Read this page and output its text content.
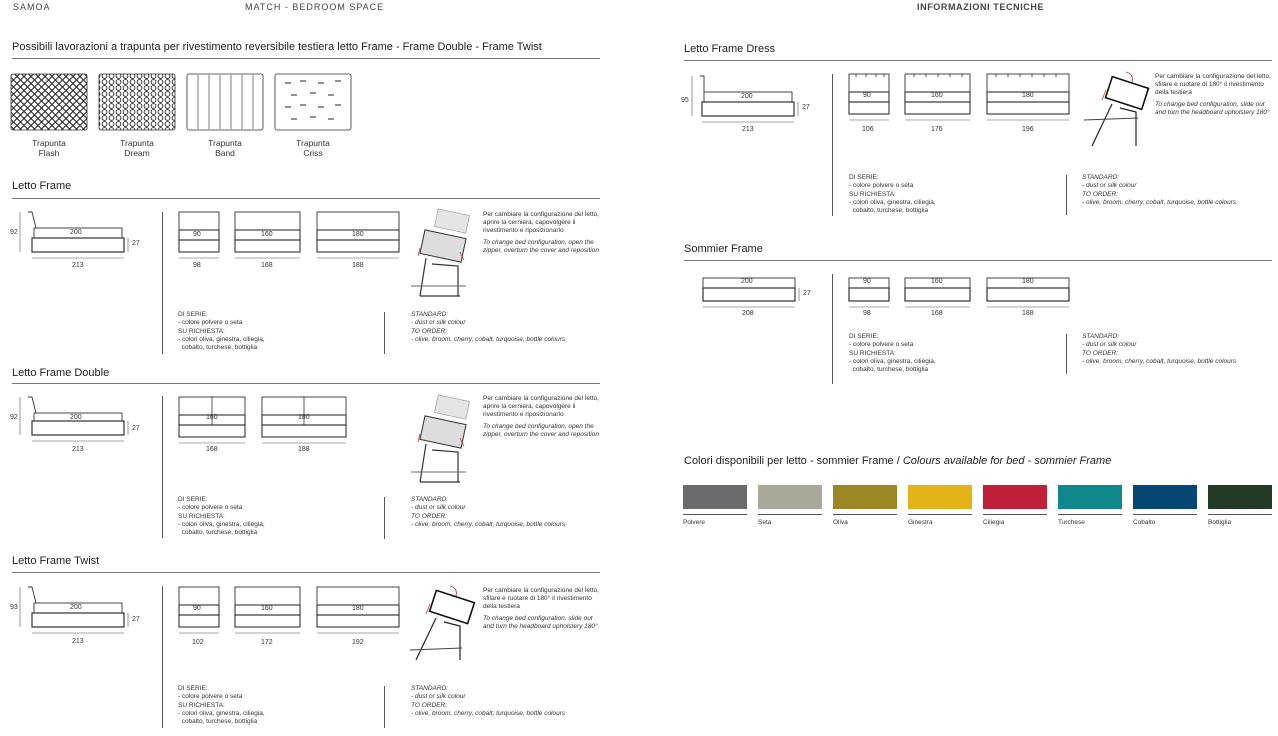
SAMOA	MATCH - BEDROOM SPACE	INFORMAZIONI TECNICHE
Possibili lavorazioni a trapunta per rivestimento reversibile testiera letto Frame - Frame Double - Frame Twist
Trapunta
Flash
Trapunta
Dream
Trapunta
Band
Trapunta
Criss
Letto Frame
92	200
27
213
90	160	180
98	168	188
Per cambiare la configurazione del letto, aprire la cerniera, capovolgere il rivestimento e riposizionarlo
To change bed configuration, open the zipper, overturn the cover and reposition
DI SERIE:
- colore polvere o seta
SU RICHIESTA:
- colori oliva, ginestra, ciliegia,
cobalto, turchese, bottiglia
STANDARD:
- dust or silk colour
TO ORDER:
- olive, broom, cherry, cobalt, turquoise, bottle colours
Letto Frame Double
92	200
27
213
160	180
168	188
Per cambiare la configurazione del letto, aprire la cerniera, capovolgere il rivestimento e riposizionarlo
To change bed configuration, open the zipper, overturn the cover and reposition
DI SERIE:
- colore polvere o seta
SU RICHIESTA:
- colori oliva, ginestra, ciliegia,
cobalto, turchese, bottiglia
STANDARD:
- dust or silk colour
TO ORDER:
- olive, broom, cherry, cobalt, turquoise, bottle colours
Letto Frame Twist
93	200
27
213
90	160	180
102	172	192
Per cambiare la configurazione del letto, sfilare e ruotare di 180° il rivestimento della testiera
To change bed configuration, slide out and turn the headboard upholstery 180°
DI SERIE:
- colore polvere o seta
SU RICHIESTA:
- colori oliva, ginestra, ciliegia,
cobalto, turchese, bottiglia
STANDARD:
- dust or silk colour
TO ORDER:
- olive, broom, cherry, cobalt, turquoise, bottle colours
Letto Frame Dress
95
200
27
213
90	160	180
106	176	196
Per cambiare la configurazione del letto, sfilare e ruotare di 180° il rivestimento della testiera
To change bed configuration, slide out and turn the headboard upholstery 180°
DI SERIE:
- colore polvere o seta
SU RICHIESTA:
- colori oliva, ginestra, ciliegia,
cobalto, turchese, bottiglia
STANDARD:
- dust or silk colour
TO ORDER:
- olive, broom, cherry, cobalt, turquoise, bottle colours
Sommier Frame
200
27
208
90	160	180
98	168	188
DI SERIE:
- colore polvere o seta
SU RICHIESTA:
- colori oliva, ginestra, ciliegia,
cobalto, turchese, bottiglia
STANDARD:
- dust or silk colour
TO ORDER:
- olive, broom, cherry, cobalt, turquoise, bottle colours
Colori disponibili per letto - sommier Frame / Colours available for bed - sommier Frame
Polvere	Seta	Oliva	Ginestra	Ciliegia	Turchese	Cobalto	Bottiglia
